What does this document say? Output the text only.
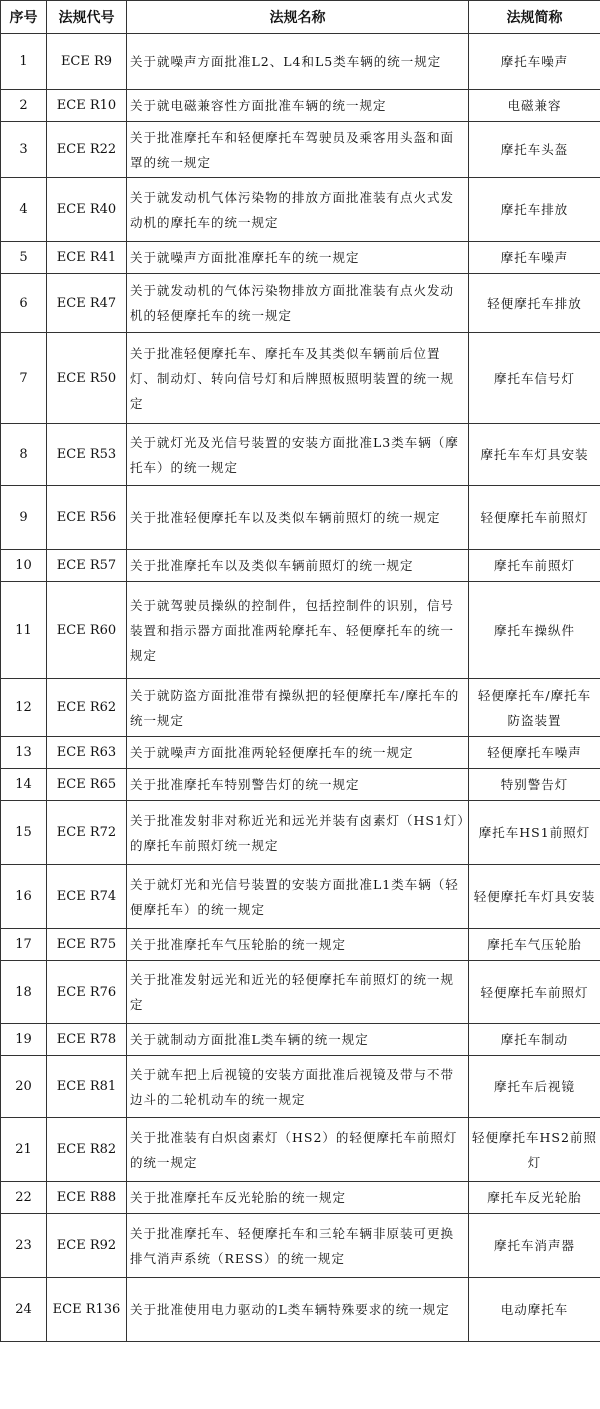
序号	法规代号	法规名称	法规简称
1	ECE R9	关于就噪声方面批准L2、L4和L5类车辆的统一规定	摩托车噪声
2	ECE R10	关于就电磁兼容性方面批准车辆的统一规定	电磁兼容
3	ECE R22	关于批准摩托车和轻便摩托车驾驶员及乘客用头盔和面罩的统一规定	摩托车头盔
4	ECE R40	关于就发动机气体污染物的排放方面批准装有点火式发动机的摩托车的统一规定	摩托车排放
5	ECE R41	关于就噪声方面批准摩托车的统一规定	摩托车噪声
6	ECE R47	关于就发动机的气体污染物排放方面批准装有点火发动机的轻便摩托车的统一规定	轻便摩托车排放
7	ECE R50	关于批准轻便摩托车、摩托车及其类似车辆前后位置灯、制动灯、转向信号灯和后牌照板照明装置的统一规定	摩托车信号灯
8	ECE R53	关于就灯光及光信号装置的安装方面批准L3类车辆（摩托车）的统一规定	摩托车车灯具安装
9	ECE R56	关于批准轻便摩托车以及类似车辆前照灯的统一规定	轻便摩托车前照灯
10	ECE R57	关于批准摩托车以及类似车辆前照灯的统一规定	摩托车前照灯
11	ECE R60	关于就驾驶员操纵的控制件，包括控制件的识别，信号装置和指示器方面批准两轮摩托车、轻便摩托车的统一规定	摩托车操纵件
12	ECE R62	关于就防盗方面批准带有操纵把的轻便摩托车/摩托车的统一规定	轻便摩托车/摩托车防盗装置
13	ECE R63	关于就噪声方面批准两轮轻便摩托车的统一规定	轻便摩托车噪声
14	ECE R65	关于批准摩托车特别警告灯的统一规定	特别警告灯
15	ECE R72	关于批准发射非对称近光和远光并装有卤素灯（HS1灯）的摩托车前照灯统一规定	摩托车HS1前照灯
16	ECE R74	关于就灯光和光信号装置的安装方面批准L1类车辆（轻便摩托车）的统一规定	轻便摩托车灯具安装
17	ECE R75	关于批准摩托车气压轮胎的统一规定	摩托车气压轮胎
18	ECE R76	关于批准发射远光和近光的轻便摩托车前照灯的统一规定	轻便摩托车前照灯
19	ECE R78	关于就制动方面批准L类车辆的统一规定	摩托车制动
20	ECE R81	关于就车把上后视镜的安装方面批准后视镜及带与不带边斗的二轮机动车的统一规定	摩托车后视镜
21	ECE R82	关于批准装有白炽卤素灯（HS2）的轻便摩托车前照灯的统一规定	轻便摩托车HS2前照灯
22	ECE R88	关于批准摩托车反光轮胎的统一规定	摩托车反光轮胎
23	ECE R92	关于批准摩托车、轻便摩托车和三轮车辆非原装可更换排气消声系统（RESS）的统一规定	摩托车消声器
24	ECE R136	关于批准使用电力驱动的L类车辆特殊要求的统一规定	电动摩托车
